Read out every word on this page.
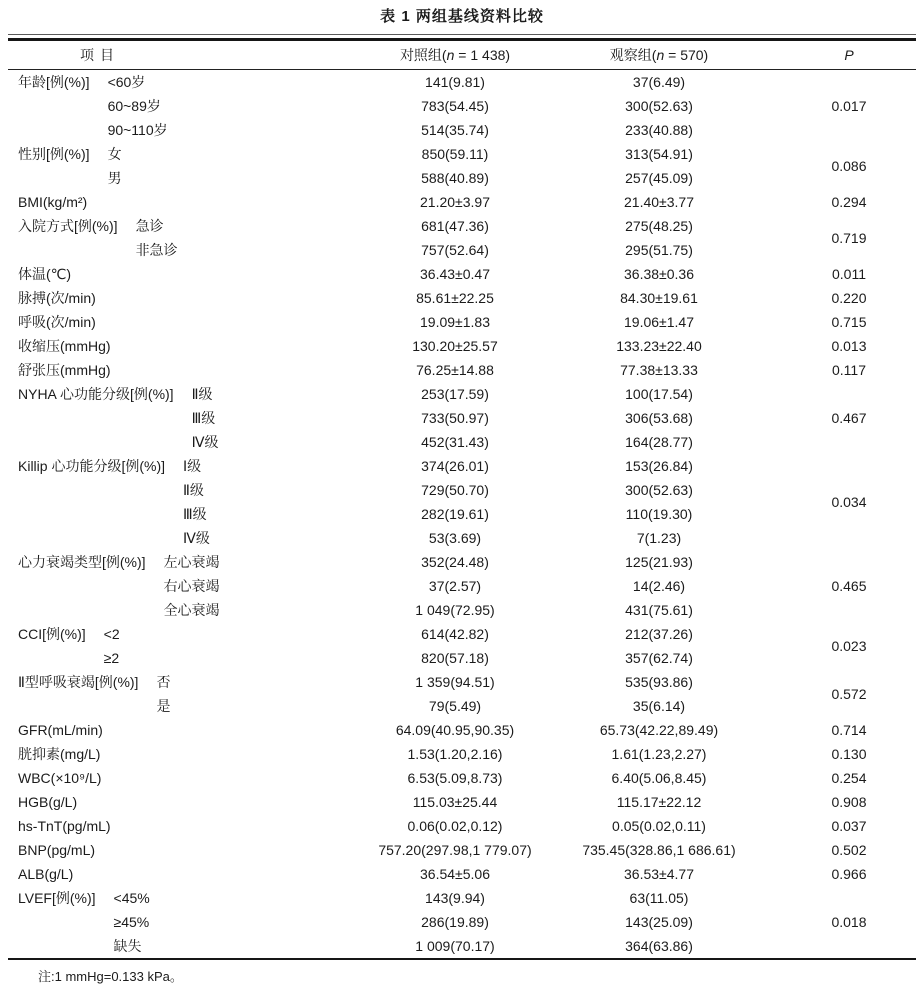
表 1 两组基线资料比较
项目	对照组(n = 1 438)	观察组(n = 570)	P
年龄[例(%)] <60岁	141(9.81)	37(6.49)	0.017
60~89岁	783(54.45)	300(52.63)	
90~110岁	514(35.74)	233(40.88)	
性别[例(%)] 女	850(59.11)	313(54.91)	0.086
男	588(40.89)	257(45.09)	
BMI(kg/m²)	21.20±3.97	21.40±3.77	0.294
入院方式[例(%)] 急诊	681(47.36)	275(48.25)	0.719
非急诊	757(52.64)	295(51.75)	
体温(℃)	36.43±0.47	36.38±0.36	0.011
脉搏(次/min)	85.61±22.25	84.30±19.61	0.220
呼吸(次/min)	19.09±1.83	19.06±1.47	0.715
收缩压(mmHg)	130.20±25.57	133.23±22.40	0.013
舒张压(mmHg)	76.25±14.88	77.38±13.33	0.117
NYHA 心功能分级[例(%)] Ⅱ级	253(17.59)	100(17.54)	0.467
Ⅲ级	733(50.97)	306(53.68)	
Ⅳ级	452(31.43)	164(28.77)	
Killip 心功能分级[例(%)] Ⅰ级	374(26.01)	153(26.84)	0.034
Ⅱ级	729(50.70)	300(52.63)	
Ⅲ级	282(19.61)	110(19.30)	
Ⅳ级	53(3.69)	7(1.23)	
心力衰竭类型[例(%)] 左心衰竭	352(24.48)	125(21.93)	0.465
右心衰竭	37(2.57)	14(2.46)	
全心衰竭	1 049(72.95)	431(75.61)	
CCI[例(%)] <2	614(42.82)	212(37.26)	0.023
≥2	820(57.18)	357(62.74)	
Ⅱ型呼吸衰竭[例(%)] 否	1 359(94.51)	535(93.86)	0.572
是	79(5.49)	35(6.14)	
GFR(mL/min)	64.09(40.95,90.35)	65.73(42.22,89.49)	0.714
胱抑素(mg/L)	1.53(1.20,2.16)	1.61(1.23,2.27)	0.130
WBC(×10⁹/L)	6.53(5.09,8.73)	6.40(5.06,8.45)	0.254
HGB(g/L)	115.03±25.44	115.17±22.12	0.908
hs-TnT(pg/mL)	0.06(0.02,0.12)	0.05(0.02,0.11)	0.037
BNP(pg/mL)	757.20(297.98,1 779.07)	735.45(328.86,1 686.61)	0.502
ALB(g/L)	36.54±5.06	36.53±4.77	0.966
LVEF[例(%)] <45%	143(9.94)	63(11.05)	0.018
≥45%	286(19.89)	143(25.09)	
缺失	1 009(70.17)	364(63.86)	
注:1 mmHg=0.133 kPa。
